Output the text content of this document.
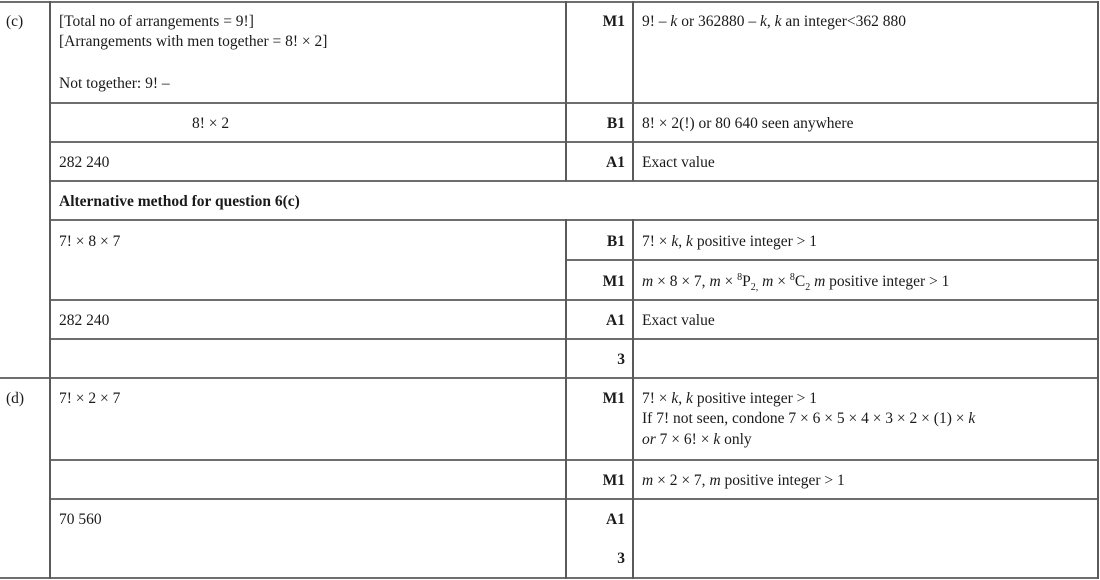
(c) [Total no of arrangements = 9!]
[Arrangements with men together = 8! × 2]
Not together: 9! –
8! × 2
282 240
M1 9! – k or 362880 – k, k an integer<362 880
B1 8! × 2(!) or 80 640 seen anywhere
A1 Exact value
Alternative method for question 6(c)
7! × 8 × 7
282 240
B1 7! × k, k positive integer > 1
M1 m × 8 × 7, $m \times ^8P_{2,}$ $m \times ^8C_2$ m positive integer > 1
A1 Exact value
3
(d) 7! × 2 × 7
70 560
M1 7! × k, k positive integer > 1
If 7! not seen, condone 7 × 6 × 5 × 4 × 3 × 2 × (1) × k
or 7 × 6! × k only
M1 m × 2 × 7, m positive integer > 1
A1
3
